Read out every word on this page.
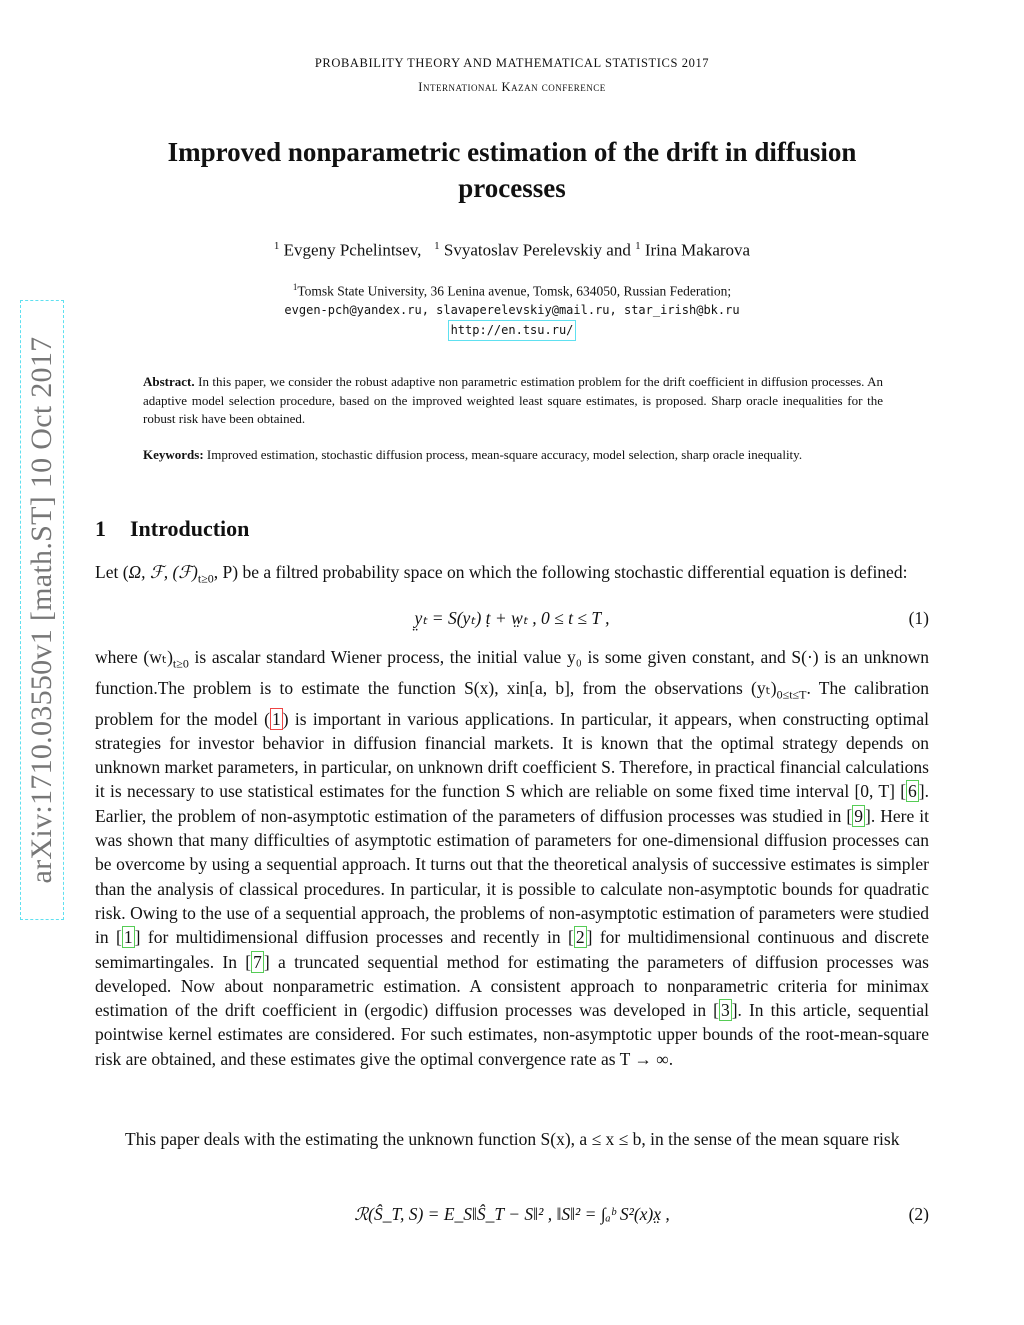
PROBABILITY THEORY AND MATHEMATICAL STATISTICS 2017
International Kazan conference
Improved nonparametric estimation of the drift in diffusion processes
$^1$ Evgeny Pchelintsev, $^1$ Svyatoslav Perelevskiy and $^1$ Irina Makarova
$^1$Tomsk State University, 36 Lenina avenue, Tomsk, 634050, Russian Federation;
evgen-pch@yandex.ru, slavaperelevskiy@mail.ru, star_irish@bk.ru
http://en.tsu.ru/
Abstract. In this paper, we consider the robust adaptive non parametric estimation problem for the drift coefficient in diffusion processes. An adaptive model selection procedure, based on the improved weighted least square estimates, is proposed. Sharp oracle inequalities for the robust risk have been obtained.
Keywords: Improved estimation, stochastic diffusion process, mean-square accuracy, model selection, sharp oracle inequality.
1 Introduction
Let (Ω, ℱ, $(ℱ)_{t\ge 0}$, P) be a filtred probability space on which the following stochastic differential equation is defined:
y̤ₜ = S(yₜ) ṭ + w̤ₜ , 0 ≤ t ≤ T ,	(1)
where $(w_t)_{t\ge 0}$ is ascalar standard Wiener process, the initial value y₀ is some given constant, and S(·) is an unknown function.The problem is to estimate the function S(x), xin[a, b], from the observations $(y_t)_{0\le t\le T}$. The calibration problem for the model ( 1 ) is important in various applications. In particular, it appears, when constructing optimal strategies for investor behavior in diffusion financial markets. It is known that the optimal strategy depends on unknown market parameters, in particular, on unknown drift coefficient S. Therefore, in practical financial calculations it is necessary to use statistical estimates for the function S which are reliable on some fixed time interval [0, T] [ 6 ]. Earlier, the problem of non-asymptotic estimation of the parameters of diffusion processes was studied in [ 9 ]. Here it was shown that many difficulties of asymptotic estimation of parameters for one-dimensional diffusion processes can be overcome by using a sequential approach. It turns out that the theoretical analysis of successive estimates is simpler than the analysis of classical procedures. In particular, it is possible to calculate non-asymptotic bounds for quadratic risk. Owing to the use of a sequential approach, the problems of non-asymptotic estimation of parameters were studied in [ 1 ] for multidimensional diffusion processes and recently in [ 2 ] for multidimensional continuous and discrete semimartingales. In [ 7 ] a truncated sequential method for estimating the parameters of diffusion processes was developed. Now about nonparametric estimation. A consistent approach to nonparametric criteria for minimax estimation of the drift coefficient in (ergodic) diffusion processes was developed in [ 3 ]. In this article, sequential pointwise kernel estimates are considered. For such estimates, non-asymptotic upper bounds of the root-mean-square risk are obtained, and these estimates give the optimal convergence rate as T → ∞.
This paper deals with the estimating the unknown function S(x), a ≤ x ≤ b, in the sense of the mean square risk
ℛ(Ŝ_T, S) = E_S‖Ŝ_T − S‖² , ‖S‖² = ∫ₐᵇ S²(x)x̤ ,	(2)
arXiv:1710.03550v1 [math.ST] 10 Oct 2017
